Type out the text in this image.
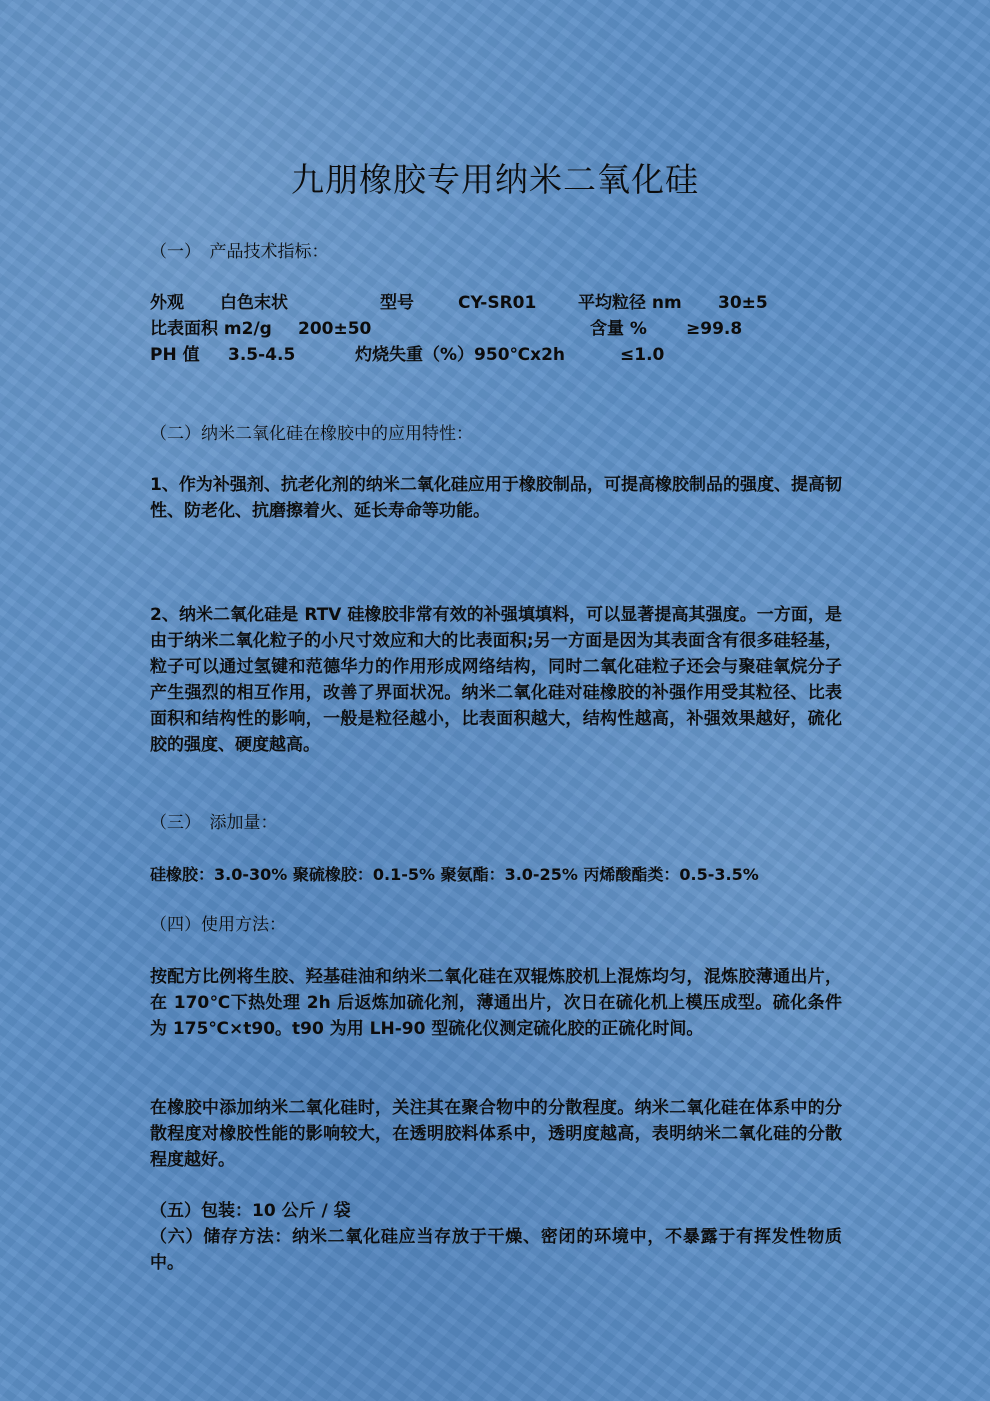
九朋橡胶专用纳米二氧化硅
（一）　产品技术指标：
外观 白色末状	型号	CY-SR01 平均粒径 nm 30±5
比表面积 m2/g 200±50	含量 % ≥99.8
PH 值 3.5-4.5	灼烧失重（%）950℃x2h	≤1.0
（二）纳米二氧化硅在橡胶中的应用特性：
1、作为补强剂、抗老化剂的纳米二氧化硅应用于橡胶制品，可提高橡胶制品的强度、提高韧性、防老化、抗磨擦着火、延长寿命等功能。
2、纳米二氧化硅是 RTV 硅橡胶非常有效的补强填填料，可以显著提高其强度。一方面，是由于纳米二氧化粒子的小尺寸效应和大的比表面积;另一方面是因为其表面含有很多硅轻基，粒子可以通过氢键和范德华力的作用形成网络结构，同时二氧化硅粒子还会与聚硅氧烷分子产生强烈的相互作用，改善了界面状况。纳米二氧化硅对硅橡胶的补强作用受其粒径、比表面积和结构性的影响，一般是粒径越小，比表面积越大，结构性越高，补强效果越好，硫化胶的强度、硬度越高。
（三）　添加量：
硅橡胶：3.0-30% 聚硫橡胶：0.1-5% 聚氨酯：3.0-25% 丙烯酸酯类：0.5-3.5%
（四）使用方法：
按配方比例将生胶、羟基硅油和纳米二氧化硅在双辊炼胶机上混炼均匀，混炼胶薄通出片，在 170℃下热处理 2h 后返炼加硫化剂，薄通出片，次日在硫化机上模压成型。硫化条件为 175℃×t90。t90 为用 LH-90 型硫化仪测定硫化胶的正硫化时间。
在橡胶中添加纳米二氧化硅时，关注其在聚合物中的分散程度。纳米二氧化硅在体系中的分散程度对橡胶性能的影响较大，在透明胶料体系中，透明度越高，表明纳米二氧化硅的分散程度越好。
（五）包装：10 公斤 / 袋
（六）储存方法：纳米二氧化硅应当存放于干燥、密闭的环境中，不暴露于有挥发性物质中。
